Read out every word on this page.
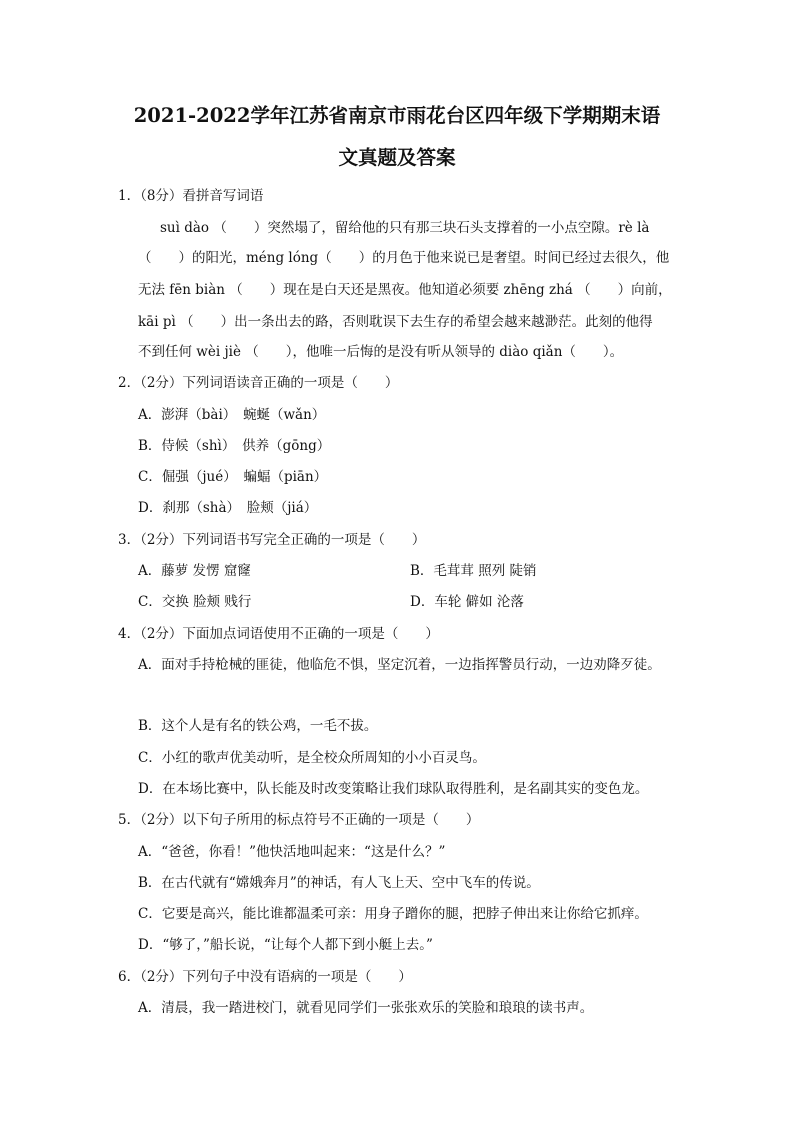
2021-2022学年江苏省南京市雨花台区四年级下学期期末语
文真题及答案
1．（8分）看拼音写词语
suì dào （　　）突然塌了，留给他的只有那三块石头支撑着的一小点空隙。rè là
（　　）的阳光，méng lóng（　　）的月色于他来说已是奢望。时间已经过去很久，他
无法 fēn biàn （　　）现在是白天还是黑夜。他知道必须要 zhēng zhá （　　）向前，
kāi pì （　　）出一条出去的路，否则耽误下去生存的希望会越来越渺茫。此刻的他得
不到任何 wèi jiè （　　），他唯一后悔的是没有听从领导的 diào qiǎn（　　）。
2．（2分）下列词语读音正确的一项是（　　）
A．澎湃（bài）　蜿蜒（wǎn）
B．侍候（shì）　供养（gōng）
C．倔强（jué）　蝙蝠（piān）
D．刹那（shà）　脸颊（jiá）
3．（2分）下列词语书写完全正确的一项是（　　）
A．藤萝 发愣 窟窿	B．毛茸茸 照列 陡销
C．交换 脸颊 贱行	D．车轮 僻如 沦落
4．（2分）下面加点词语使用不正确的一项是（　　）
A．面对手持枪械的匪徒，他临危不惧，坚定沉着，一边指挥警员行动，一边劝降歹徒。
B．这个人是有名的铁公鸡，一毛不拔。
C．小红的歌声优美动听，是全校众所周知的小小百灵鸟。
D．在本场比赛中，队长能及时改变策略让我们球队取得胜利，是名副其实的变色龙。
5．（2分）以下句子所用的标点符号不正确的一项是（　　）
A．“爸爸，你看！”他快活地叫起来：“这是什么？”
B．在古代就有“嫦娥奔月”的神话，有人飞上天、空中飞车的传说。
C．它要是高兴，能比谁都温柔可亲：用身子蹭你的腿，把脖子伸出来让你给它抓痒。
D．“够了，”船长说，“让每个人都下到小艇上去。”
6．（2分）下列句子中没有语病的一项是（　　）
A．清晨，我一踏进校门，就看见同学们一张张欢乐的笑脸和琅琅的读书声。
